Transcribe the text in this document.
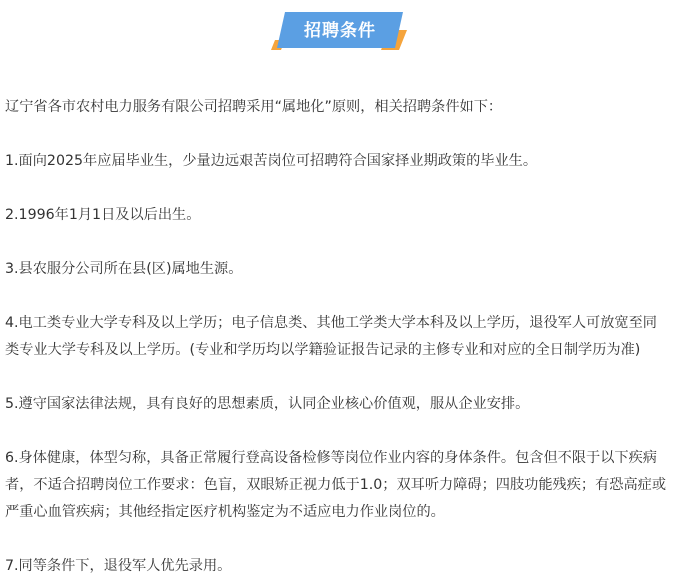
招聘条件

辽宁省各市农村电力服务有限公司招聘采用“属地化”原则，相关招聘条件如下：

1.面向2025年应届毕业生，少量边远艰苦岗位可招聘符合国家择业期政策的毕业生。

2.1996年1月1日及以后出生。

3.县农服分公司所在县(区)属地生源。

4.电工类专业大学专科及以上学历；电子信息类、其他工学类大学本科及以上学历，退役军人可放宽至同

类专业大学专科及以上学历。(专业和学历均以学籍验证报告记录的主修专业和对应的全日制学历为准)

5.遵守国家法律法规，具有良好的思想素质，认同企业核心价值观，服从企业安排。

6.身体健康，体型匀称，具备正常履行登高设备检修等岗位作业内容的身体条件。包含但不限于以下疾病

者，不适合招聘岗位工作要求：色盲，双眼矫正视力低于1.0；双耳听力障碍；四肢功能残疾；有恐高症或

严重心血管疾病；其他经指定医疗机构鉴定为不适应电力作业岗位的。

7.同等条件下，退役军人优先录用。
